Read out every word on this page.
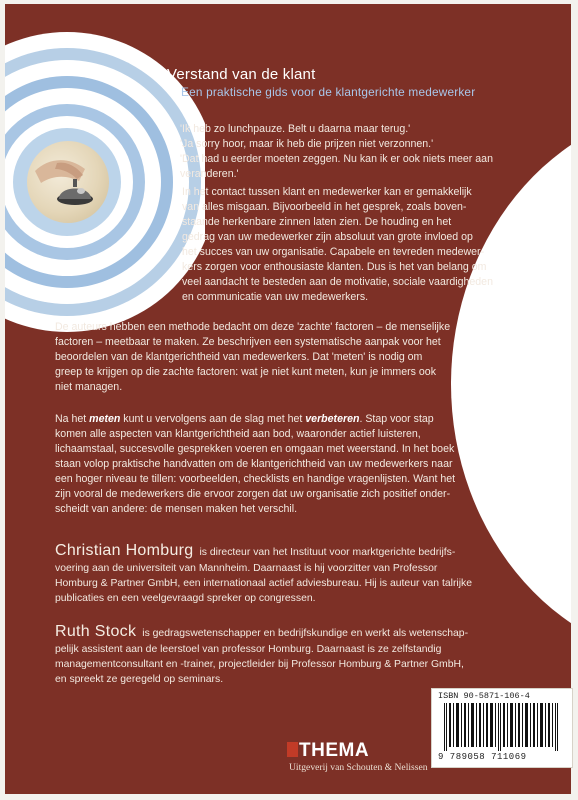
Verstand van de klant
Een praktische gids voor de klantgerichte medewerker

'Ik heb zo lunchpauze. Belt u daarna maar terug.'

'Ja sorry hoor, maar ik heb die prijzen niet verzonnen.'

'Dat had u eerder moeten zeggen. Nu kan ik er ook niets meer aan

veranderen.'

In het contact tussen klant en medewerker kan er gemakkelijk

van alles misgaan. Bijvoorbeeld in het gesprek, zoals boven-

staande herkenbare zinnen laten zien. De houding en het

gedrag van uw medewerker zijn absoluut van grote invloed op

het succes van uw organisatie. Capabele en tevreden medewer-

kers zorgen voor enthousiaste klanten. Dus is het van belang om

veel aandacht te besteden aan de motivatie, sociale vaardigheden

en communicatie van uw medewerkers.

De auteurs hebben een methode bedacht om deze 'zachte' factoren – de menselijke

factoren – meetbaar te maken. Ze beschrijven een systematische aanpak voor het

beoordelen van de klantgerichtheid van medewerkers. Dat 'meten' is nodig om

greep te krijgen op die zachte factoren: wat je niet kunt meten, kun je immers ook

niet managen.

Na het meten kunt u vervolgens aan de slag met het verbeteren. Stap voor stap

komen alle aspecten van klantgerichtheid aan bod, waaronder actief luisteren,

lichaamstaal, succesvolle gesprekken voeren en omgaan met weerstand. In het boek

staan volop praktische handvatten om de klantgerichtheid van uw medewerkers naar

een hoger niveau te tillen: voorbeelden, checklists en handige vragenlijsten. Want het

zijn vooral de medewerkers die ervoor zorgen dat uw organisatie zich positief onder-

scheidt van andere: de mensen maken het verschil.

Christian Homburg is directeur van het Instituut voor marktgerichte bedrijfs-

voering aan de universiteit van Mannheim. Daarnaast is hij voorzitter van Professor

Homburg & Partner GmbH, een internationaal actief adviesbureau. Hij is auteur van talrijke

publicaties en een veelgevraagd spreker op congressen.

Ruth Stock is gedragswetenschapper en bedrijfskundige en werkt als wetenschap-

pelijk assistent aan de leerstoel van professor Homburg. Daarnaast is ze zelfstandig

managementconsultant en -trainer, projectleider bij Professor Homburg & Partner GmbH,

en spreekt ze geregeld op seminars.

THEMA
Uitgeverij van Schouten & Nelissen
ISBN 90-5871-106-4
9 789058 711069
